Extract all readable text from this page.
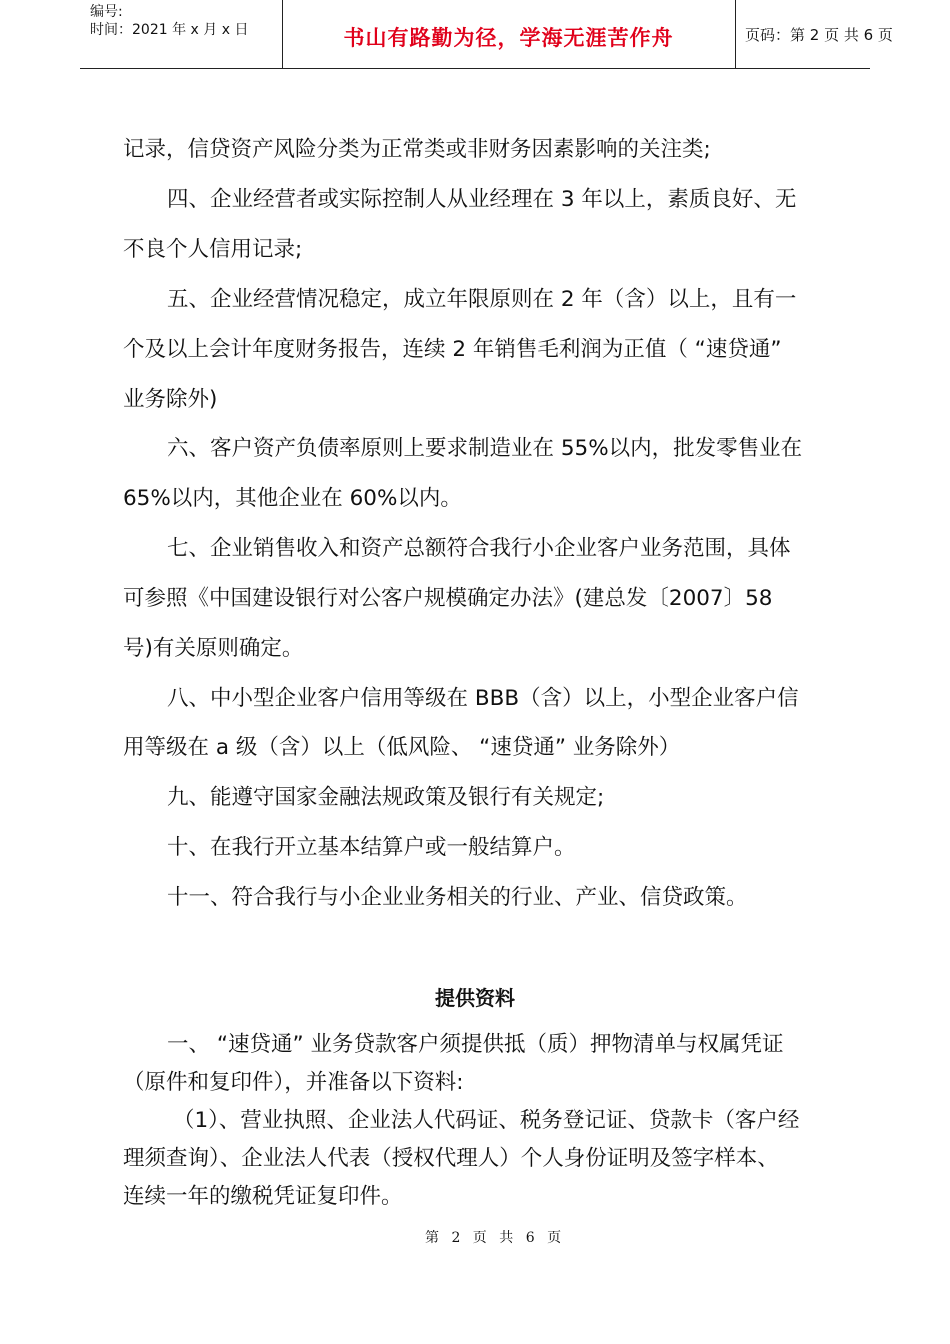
编号:
时间：2021 年 x 月 x 日	书山有路勤为径，学海无涯苦作舟	页码：第 2 页 共 6 页
记录，信贷资产风险分类为正常类或非财务因素影响的关注类;
四、企业经营者或实际控制人从业经理在 3 年以上，素质良好、无
不良个人信用记录;
五、企业经营情况稳定，成立年限原则在 2 年（含）以上，且有一
个及以上会计年度财务报告，连续 2 年销售毛利润为正值（ “速贷通”
业务除外)
六、客户资产负债率原则上要求制造业在 55%以内，批发零售业在
65%以内，其他企业在 60%以内。
七、企业销售收入和资产总额符合我行小企业客户业务范围，具体
可参照《中国建设银行对公客户规模确定办法》(建总发〔2007〕58
号)有关原则确定。
八、中小型企业客户信用等级在 BBB（含）以上，小型企业客户信
用等级在 a 级（含）以上（低风险、 “速贷通” 业务除外）
九、能遵守国家金融法规政策及银行有关规定;
十、在我行开立基本结算户或一般结算户。
十一、符合我行与小企业业务相关的行业、产业、信贷政策。
提供资料
一、 “速贷通” 业务贷款客户须提供抵（质）押物清单与权属凭证
（原件和复印件），并准备以下资料:
（1）、营业执照、企业法人代码证、税务登记证、贷款卡（客户经
理须查询）、企业法人代表（授权代理人）个人身份证明及签字样本、
连续一年的缴税凭证复印件。
第 2 页 共 6 页
